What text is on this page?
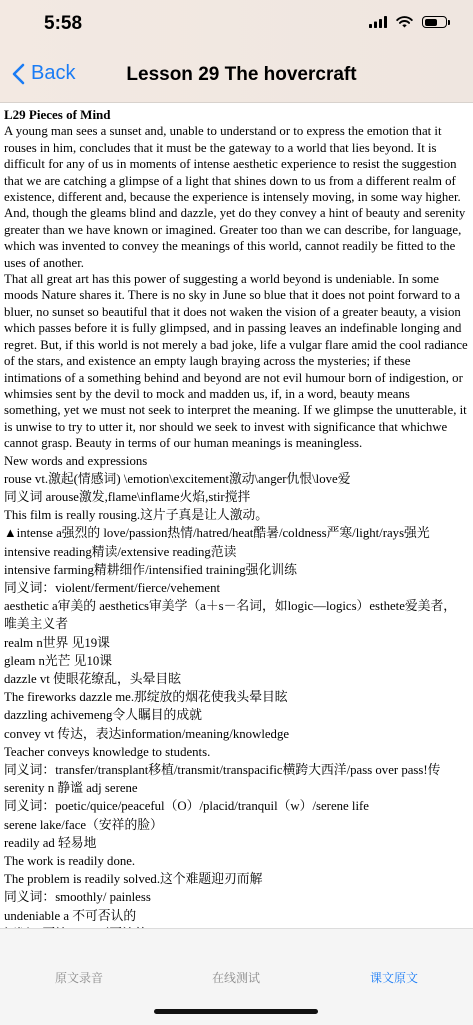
5:58
Back	Lesson 29 The hovercraft

L29 Pieces of Mind

A young man sees a sunset and, unable to understand or to express the emotion that it rouses in him, concludes that it must be the gateway to a world that lies beyond. It is difficult for any of us in moments of intense aesthetic experience to resist the suggestion that we are catching a glimpse of a light that shines down to us from a different realm of existence, different and, because the experience is intensely moving, in some way higher. And, though the gleams blind and dazzle, yet do they convey a hint of beauty and serenity greater than we have known or imagined. Greater too than we can describe, for language, which was invented to convey the meanings of this world, cannot readily be fitted to the uses of another.

That all great art has this power of suggesting a world beyond is undeniable. In some moods Nature shares it. There is no sky in June so blue that it does not point forward to a bluer, no sunset so beautiful that it does not waken the vision of a greater beauty, a vision which passes before it is fully glimpsed, and in passing leaves an indefinable longing and regret. But, if this world is not merely a bad joke, life a vulgar flare amid the cool radiance of the stars, and existence an empty laugh braying across the mysteries; if these intimations of a something behind and beyond are not evil humour born of indigestion, or whimsies sent by the devil to mock and madden us, if, in a word, beauty means something, yet we must not seek to interpret the meaning. If we glimpse the unutterable, it is unwise to try to utter it, nor should we seek to invest with significance that whichwe cannot grasp. Beauty in terms of our human meanings is meaningless.

New words and expressions

rouse vt.激起(情感词) \emotion\excitement激动\anger仇恨\love爱

同义词 arouse激发,flame\inflame火焰,stir搅拌

This film is really rousing.这片子真是让人激动。

▲intense a强烈的 love/passion热情/hatred/heat酷暑/coldness严寒/light/rays强光

intensive reading精读/extensive reading范读

intensive farming精耕细作/intensified training强化训练

同义词：violent/ferment/fierce/vehement

aesthetic a审美的 aesthetics审美学（a＋s－名词，如logic—logics）esthete爱美者，

唯美主义者

realm n世界 见19课

gleam n光芒 见10课

dazzle vt 使眼花缭乱，头晕目眩

The fireworks dazzle me.那绽放的烟花使我头晕目眩

dazzling achivemeng令人瞩目的成就

convey vt 传达，表达information/meaning/knowledge

Teacher conveys knowledge to students.

同义词：transfer/transplant移植/transmit/transpacific横跨大西洋/pass over pass!传

serenity n 静谧 adj serene

同义词：poetic/quice/peaceful（O）/placid/tranquil（w）/serene life

serene lake/face（安祥的脸）

readily ad 轻易地

The work is readily done.

The problem is readily solved.这个难题迎刃而解

同义词：smoothly/ painless

undeniable a 不可否认的

原文录音	在线测试	课文原文
